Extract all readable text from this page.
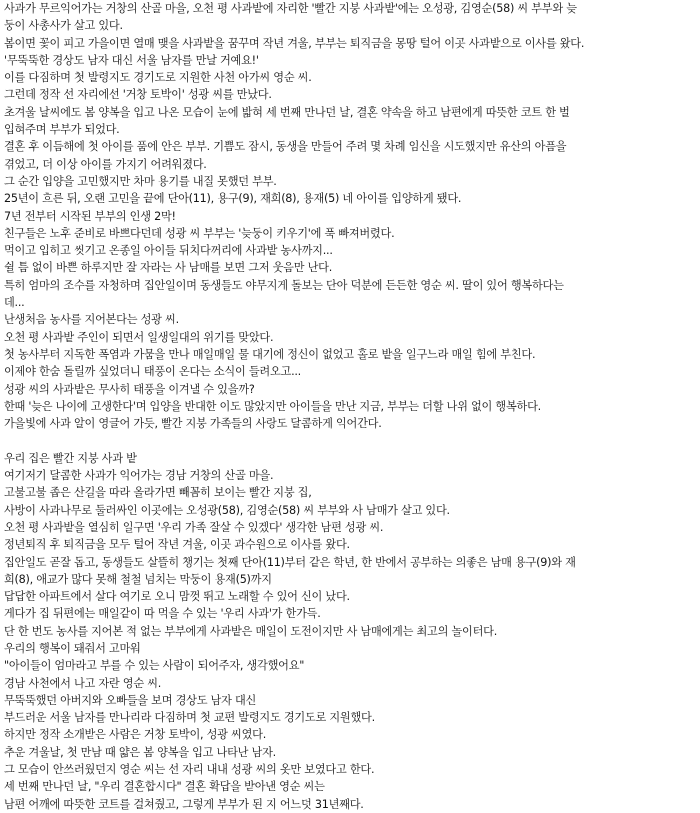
사과가 무르익어가는 거창의 산골 마을, 오천 평 사과밭에 자리한 '빨간 지붕 사과밭'에는 오성광, 김영순(58) 씨 부부와 늦
둥이 사총사가 살고 있다.
봄이면 꽃이 피고 가을이면 열매 맺을 사과밭을 꿈꾸며 작년 겨울, 부부는 퇴직금을 몽땅 털어 이곳 사과밭으로 이사를 왔다.
'무뚝뚝한 경상도 남자 대신 서울 남자를 만날 거예요!'
이를 다짐하며 첫 발령지도 경기도로 지원한 사천 아가씨 영순 씨.
그런데 정작 선 자리에선 '거창 토박이' 성광 씨를 만났다.
초겨울 날씨에도 봄 양복을 입고 나온 모습이 눈에 밟혀 세 번째 만나던 날, 결혼 약속을 하고 남편에게 따뜻한 코트 한 벌
입혀주며 부부가 되었다.
결혼 후 이듬해에 첫 아이를 품에 안은 부부. 기쁨도 잠시, 동생을 만들어 주려 몇 차례 임신을 시도했지만 유산의 아픔을
겪었고, 더 이상 아이를 가지기 어려워졌다.
그 순간 입양을 고민했지만 차마 용기를 내질 못했던 부부.
25년이 흐른 뒤, 오랜 고민을 끝에 단아(11), 용구(9), 재희(8), 용재(5) 네 아이를 입양하게 됐다.
7년 전부터 시작된 부부의 인생 2막!
친구들은 노후 준비로 바쁘다던데 성광 씨 부부는 '늦둥이 키우기'에 푹 빠져버렸다.
먹이고 입히고 씻기고 온종일 아이들 뒤치다꺼리에 사과밭 농사까지...
쉴 틈 없이 바쁜 하루지만 잘 자라는 사 남매를 보면 그저 웃음만 난다.
특히 엄마의 조수를 자청하며 집안일이며 동생들도 야무지게 돌보는 단아 덕분에 든든한 영순 씨. 딸이 있어 행복하다는
데...
난생처음 농사를 지어본다는 성광 씨.
오천 평 사과밭 주인이 되면서 일생일대의 위기를 맞았다.
첫 농사부터 지독한 폭염과 가뭄을 만나 매일매일 물 대기에 정신이 없었고 홀로 밭을 일구느라 매일 힘에 부친다.
이제야 한숨 돌릴까 싶었더니 태풍이 온다는 소식이 들려오고...
성광 씨의 사과밭은 무사히 태풍을 이겨낼 수 있을까?
한때 '늦은 나이에 고생한다'며 입양을 반대한 이도 많았지만 아이들을 만난 지금, 부부는 더할 나위 없이 행복하다.
가을빛에 사과 알이 영글어 가듯, 빨간 지붕 가족들의 사랑도 달콤하게 익어간다.
우리 집은 빨간 지붕 사과 밭
여기저기 달콤한 사과가 익어가는 경남 거창의 산골 마을.
고불고불 좁은 산길을 따라 올라가면 빼꼼히 보이는 빨간 지붕 집,
사방이 사과나무로 둘러싸인 이곳에는 오성광(58), 김영순(58) 씨 부부와 사 남매가 살고 있다.
오천 평 사과밭을 열심히 일구면 '우리 가족 잘살 수 있겠다' 생각한 남편 성광 씨.
정년퇴직 후 퇴직금을 모두 털어 작년 겨울, 이곳 과수원으로 이사를 왔다.
집안일도 곧잘 돕고, 동생들도 살뜰히 챙기는 첫째 단아(11)부터 같은 학년, 한 반에서 공부하는 의좋은 남매 용구(9)와 재
희(8), 애교가 많다 못해 철철 넘치는 막둥이 용재(5)까지
답답한 아파트에서 살다 여기로 오니 맘껏 뛰고 노래할 수 있어 신이 났다.
게다가 집 뒤편에는 매일같이 따 먹을 수 있는 '우리 사과'가 한가득.
단 한 번도 농사를 지어본 적 없는 부부에게 사과밭은 매일이 도전이지만 사 남매에게는 최고의 놀이터다.
우리의 행복이 돼줘서 고마워
"아이들이 엄마라고 부를 수 있는 사람이 되어주자, 생각했어요"
경남 사천에서 나고 자란 영순 씨.
무뚝뚝했던 아버지와 오빠들을 보며 경상도 남자 대신
부드러운 서울 남자를 만나리라 다짐하며 첫 교편 발령지도 경기도로 지원했다.
하지만 정작 소개받은 사람은 거창 토박이, 성광 씨였다.
추운 겨울날, 첫 만남 때 얇은 봄 양복을 입고 나타난 남자.
그 모습이 안쓰러웠던지 영순 씨는 선 자리 내내 성광 씨의 옷만 보였다고 한다.
세 번째 만나던 날, "우리 결혼합시다" 결혼 확답을 받아낸 영순 씨는
남편 어깨에 따뜻한 코트를 걸쳐줬고, 그렇게 부부가 된 지 어느덧 31년째다.
